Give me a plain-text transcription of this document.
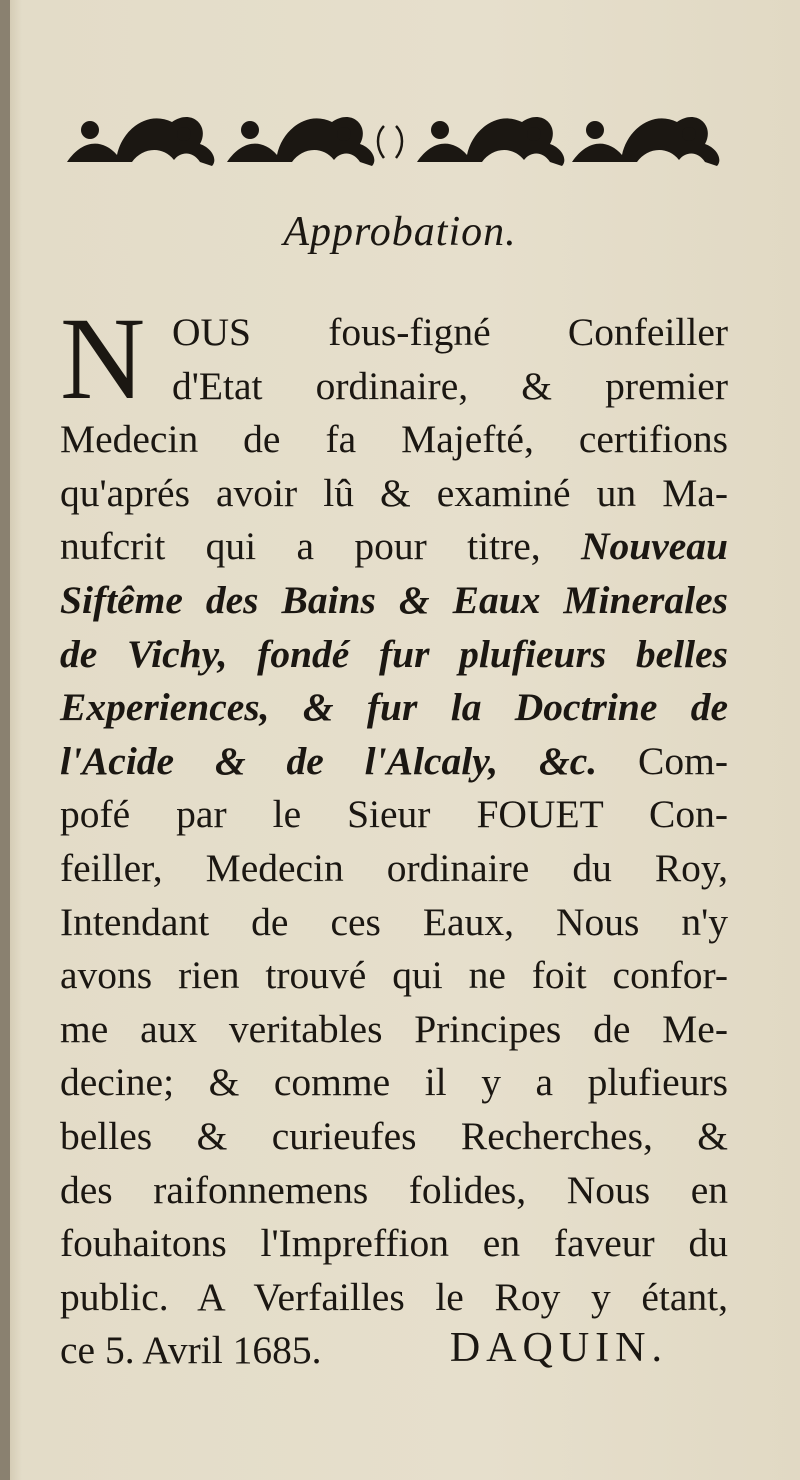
Approbation.
N OUS fous-figné Confeiller
d'Etat ordinaire, & premier
Medecin de fa Majefté, certifions
qu'aprés avoir lû & examiné un Ma-
nufcrit qui a pour titre, Nouveau
Siftême des Bains & Eaux Minerales
de Vichy, fondé fur plufieurs belles
Experiences, & fur la Doctrine de
l'Acide & de l'Alcaly, &c. Com-
pofé par le Sieur FOUET Con-
feiller, Medecin ordinaire du Roy,
Intendant de ces Eaux, Nous n'y
avons rien trouvé qui ne foit confor-
me aux veritables Principes de Me-
decine; & comme il y a plufieurs
belles & curieufes Recherches, &
des raifonnemens folides, Nous en
fouhaitons l'Impreffion en faveur du
public. A Verfailles le Roy y étant,
ce 5. Avril 1685.	DAQUIN.
